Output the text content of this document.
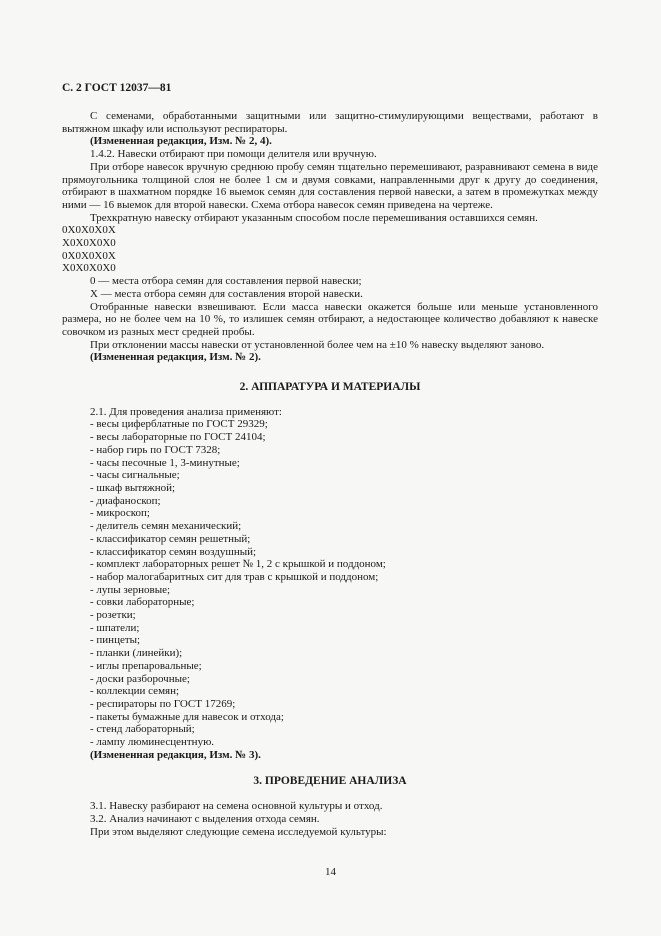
С. 2 ГОСТ 12037—81

С семенами, обработанными защитными или защитно-стимулирующими веществами, работают в вытяжном шкафу или используют респираторы.

(Измененная редакция, Изм. № 2, 4).

1.4.2. Навески отбирают при помощи делителя или вручную.

При отборе навесок вручную среднюю пробу семян тщательно перемешивают, разравнивают семена в виде прямоугольника толщиной слоя не более 1 см и двумя совками, направленными друг к другу до соединения, отбирают в шахматном порядке 16 выемок семян для составления первой навески, а затем в промежутках между ними — 16 выемок для второй навески. Схема отбора навесок семян приведена на чертеже.

Трехкратную навеску отбирают указанным способом после перемешивания оставшихся семян.

0Х0Х0Х0Х
Х0Х0Х0Х0
0Х0Х0Х0Х
Х0Х0Х0Х0

0 — места отбора семян для составления первой навески;

Х — места отбора семян для составления второй навески.

Отобранные навески взвешивают. Если масса навески окажется больше или меньше установленного размера, но не более чем на 10 %, то излишек семян отбирают, а недостающее количество добавляют к навеске совочком из разных мест средней пробы.

При отклонении массы навески от установленной более чем на ±10 % навеску выделяют заново.

(Измененная редакция, Изм. № 2).

2. АППАРАТУРА И МАТЕРИАЛЫ
2.1. Для проведения анализа применяют:
- весы циферблатные по ГОСТ 29329;
- весы лабораторные по ГОСТ 24104;
- набор гирь по ГОСТ 7328;
- часы песочные 1, 3-минутные;
- часы сигнальные;
- шкаф вытяжной;
- диафаноскоп;
- микроскоп;
- делитель семян механический;
- классификатор семян решетный;
- классификатор семян воздушный;
- комплект лабораторных решет № 1, 2 с крышкой и поддоном;
- набор малогабаритных сит для трав с крышкой и поддоном;
- лупы зерновые;
- совки лабораторные;
- розетки;
- шпатели;
- пинцеты;
- планки (линейки);
- иглы препаровальные;
- доски разборочные;
- коллекции семян;
- респираторы по ГОСТ 17269;
- пакеты бумажные для навесок и отхода;
- стенд лабораторный;
- лампу люминесцентную.

(Измененная редакция, Изм. № 3).

3. ПРОВЕДЕНИЕ АНАЛИЗА

3.1. Навеску разбирают на семена основной культуры и отход.

3.2. Анализ начинают с выделения отхода семян.

При этом выделяют следующие семена исследуемой культуры:

14
